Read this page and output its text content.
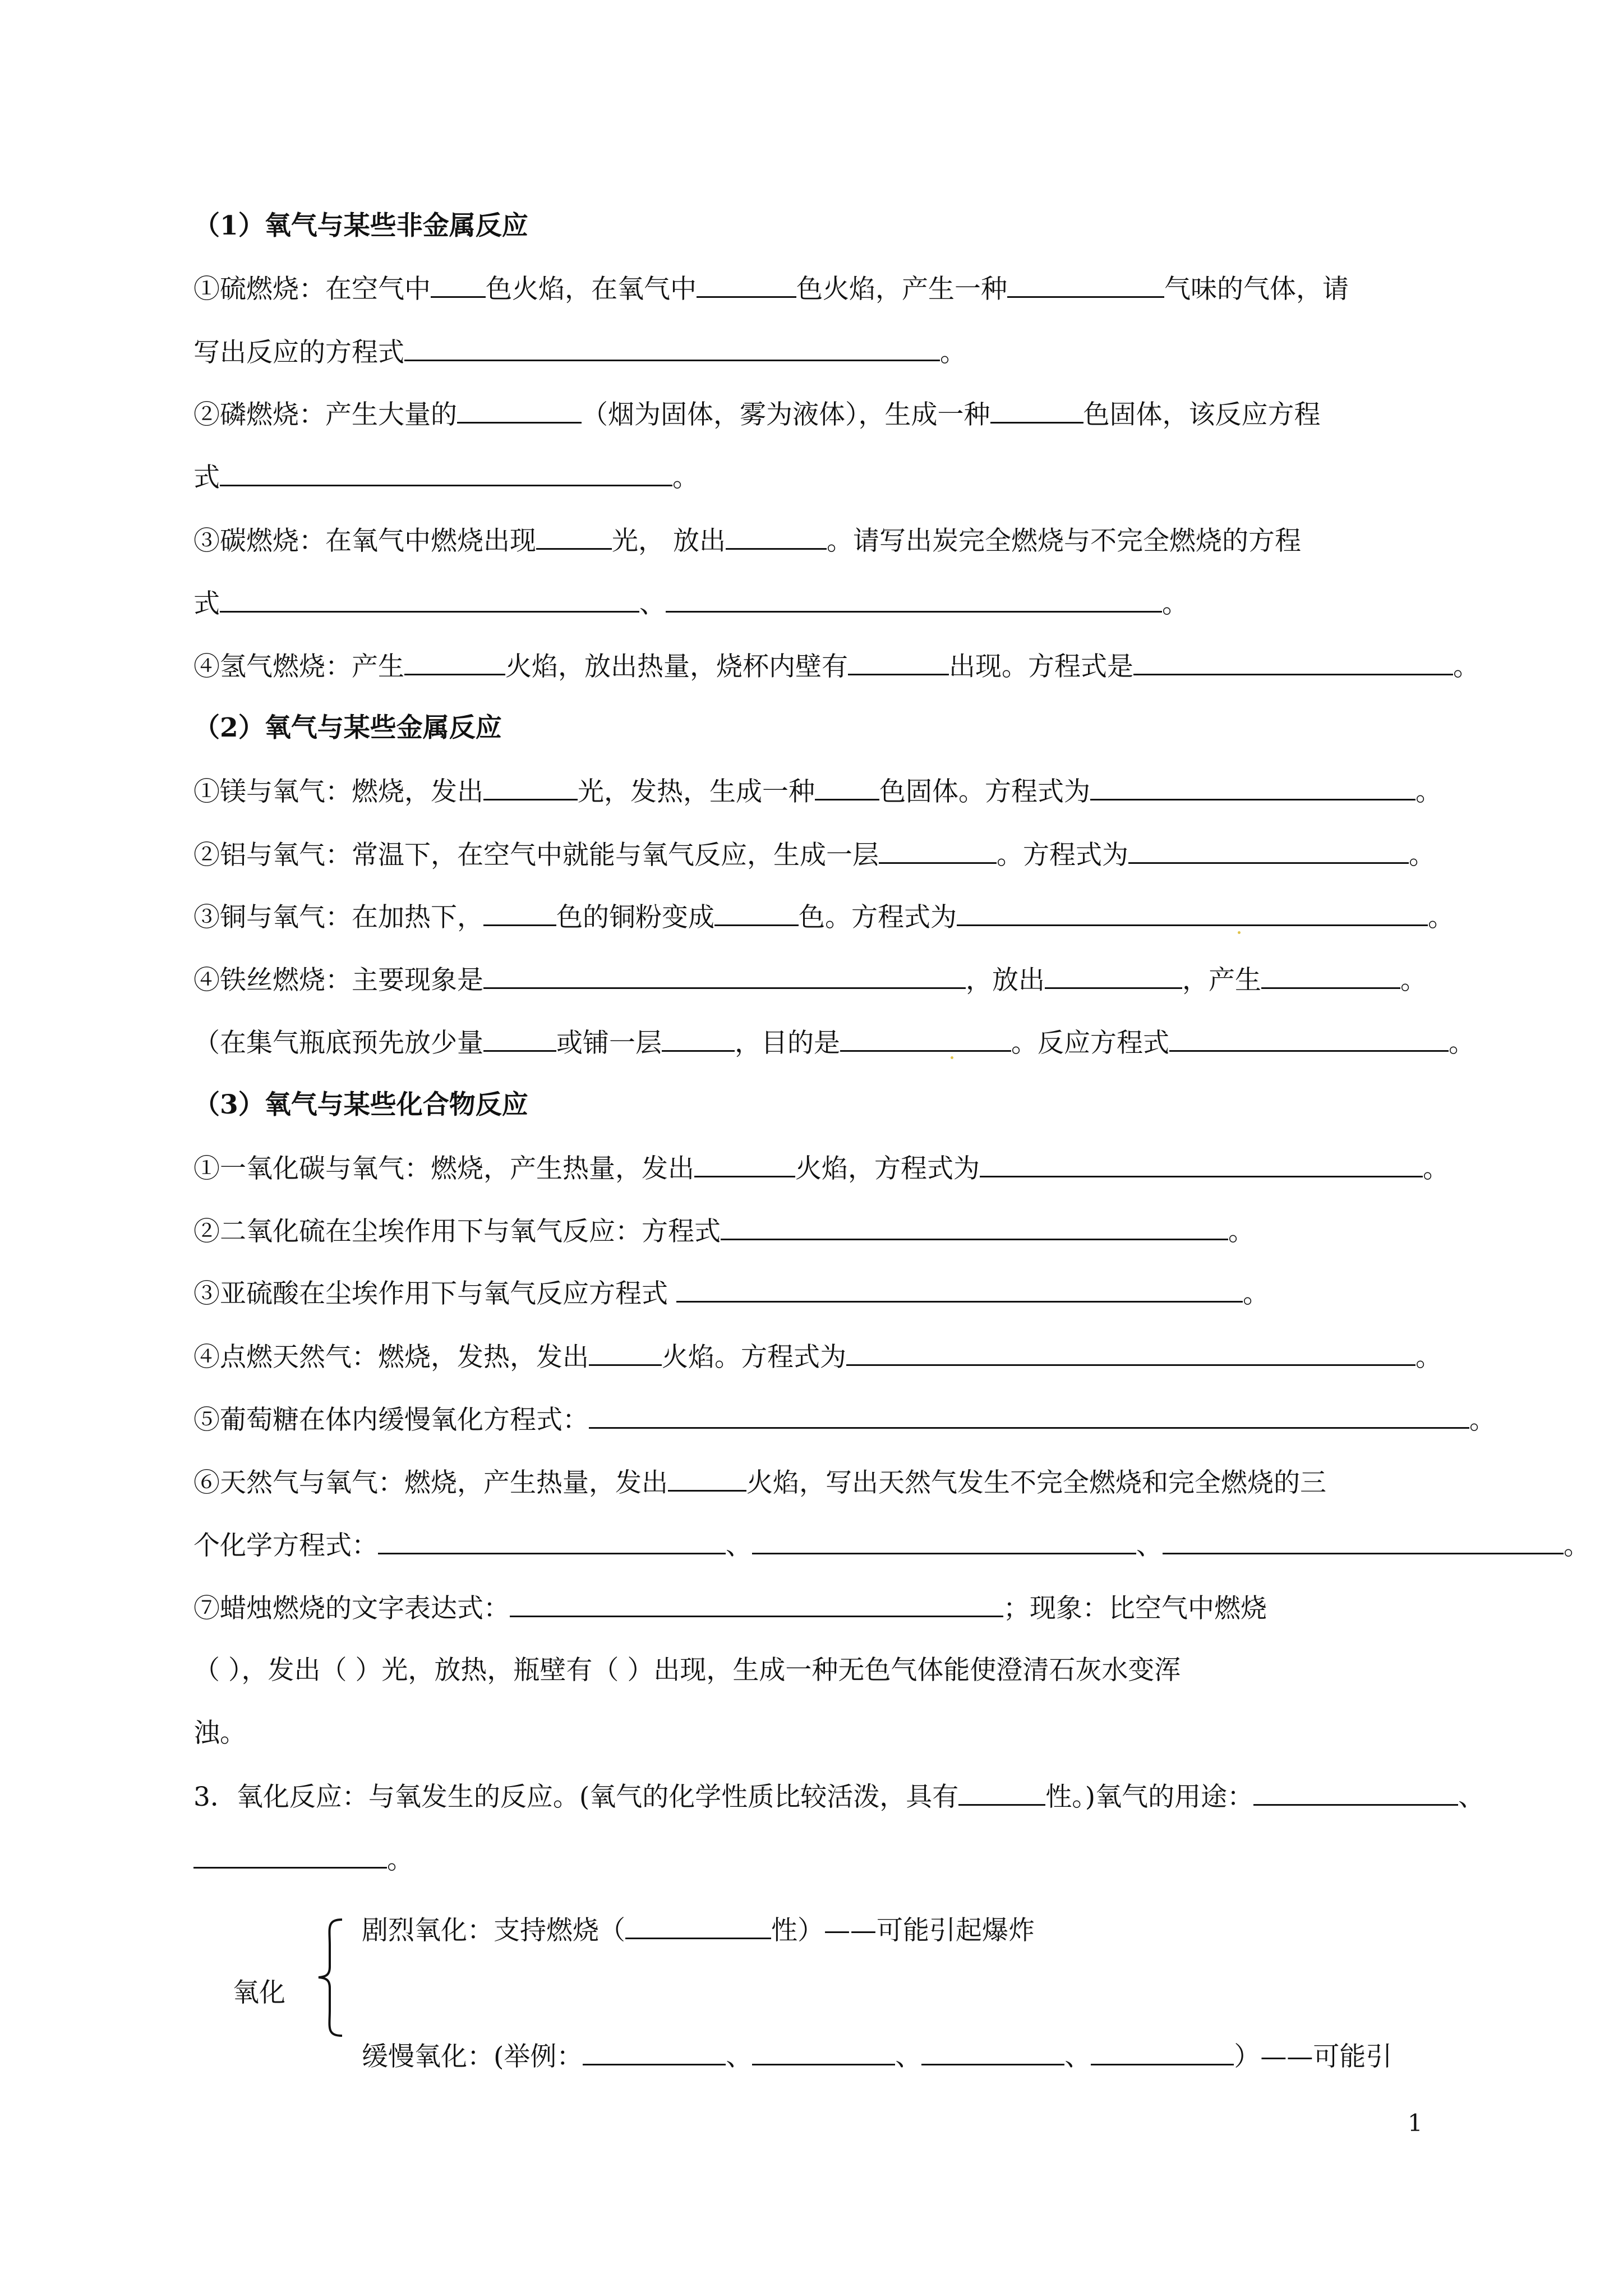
（1）氧气与某些非金属反应
①硫燃烧：在空气中 色火焰，在氧气中	色火焰，产生一种	气味的气体，请
写出反应的方程式	。
②磷燃烧：产生大量的	（烟为固体，雾为液体），生成一种	色固体，该反应方程
式	。
③碳燃烧：在氧气中燃烧出现	光， 放出	。请写出炭完全燃烧与不完全燃烧的方程
式	、	。
④氢气燃烧：产生	火焰，放出热量，烧杯内壁有	出现。方程式是	。
（2）氧气与某些金属反应
①镁与氧气：燃烧，发出	光，发热，生成一种 色固体。方程式为	。
②铝与氧气：常温下，在空气中就能与氧气反应，生成一层	。方程式为	。
③铜与氧气：在加热下，	色的铜粉变成	色。方程式为	。
④铁丝燃烧：主要现象是	，放出	，产生	。
（在集气瓶底预先放少量	或铺一层	，目的是	。反应方程式	。
（3）氧气与某些化合物反应
①一氧化碳与氧气：燃烧，产生热量，发出	火焰，方程式为	。
②二氧化硫在尘埃作用下与氧气反应：方程式	。
③亚硫酸在尘埃作用下与氧气反应方程式	。
④点燃天然气：燃烧，发热，发出	火焰。方程式为	。
⑤葡萄糖在体内缓慢氧化方程式：	。
⑥天然气与氧气：燃烧，产生热量，发出	火焰，写出天然气发生不完全燃烧和完全燃烧的三
个化学方程式：	、	、	。
⑦蜡烛燃烧的文字表达式：	；现象：比空气中燃烧
（ ），发出（ ）光，放热，瓶壁有（ ）出现，生成一种无色气体能使澄清石灰水变浑
浊。
3．氧化反应：与氧发生的反应。(氧气的化学性质比较活泼，具有	性。)氧气的用途：	、
。
剧烈氧化：支持燃烧（	性）——可能引起爆炸
氧化
缓慢氧化：(举例：	、	、	、	）——可能引
1
